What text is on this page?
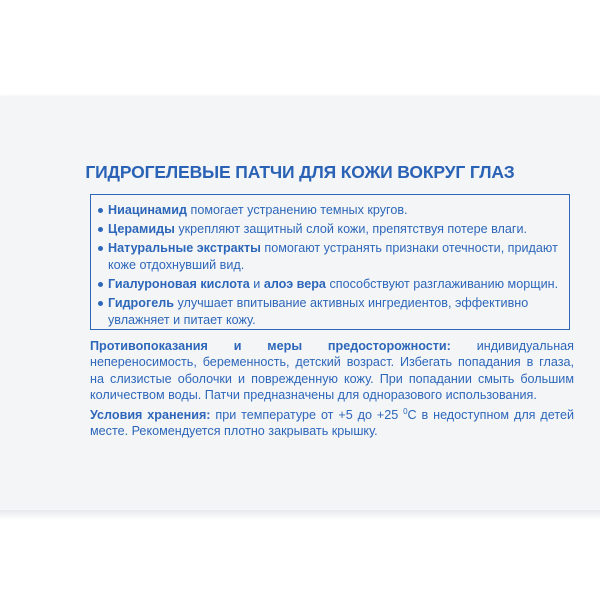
ГИДРОГЕЛЕВЫЕ ПАТЧИ ДЛЯ КОЖИ ВОКРУГ ГЛАЗ
Ниацинамид помогает устранению темных кругов.
Церамиды укрепляют защитный слой кожи, препятствуя потере влаги.
Натуральные экстракты помогают устранять признаки отечности, придают коже отдохнувший вид.
Гиалуроновая кислота и алоэ вера способствуют разглаживанию морщин.
Гидрогель улучшает впитывание активных ингредиентов, эффективно увлажняет и питает кожу.
Противопоказания и меры предосторожности: индивидуальная непереносимость, беременность, детский возраст. Избегать попадания в глаза, на слизистые оболочки и поврежденную кожу. При попадании смыть большим количеством воды. Патчи предназначены для одноразового использования.
Условия хранения: при температуре от +5 до +25 $^0$С в недоступном для детей месте. Рекомендуется плотно закрывать крышку.
